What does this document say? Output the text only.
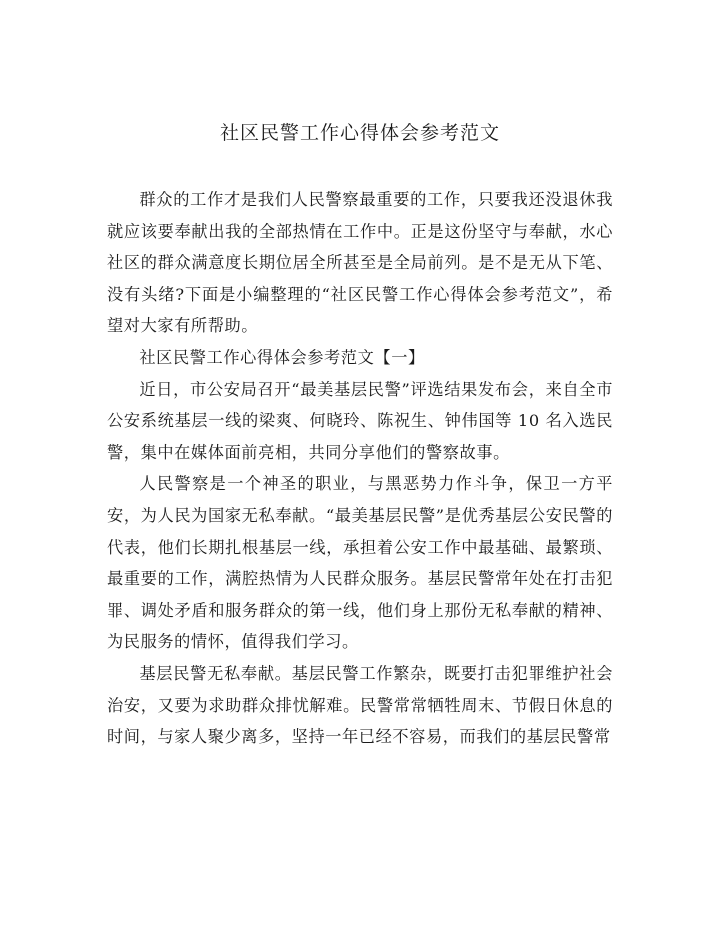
社区民警工作心得体会参考范文

群众的工作才是我们人民警察最重要的工作，只要我还没退休我就应该要奉献出我的全部热情在工作中。正是这份坚守与奉献，水心社区的群众满意度长期位居全所甚至是全局前列。是不是无从下笔、没有头绪?下面是小编整理的“社区民警工作心得体会参考范文”，希望对大家有所帮助。

社区民警工作心得体会参考范文【一】

近日，市公安局召开“最美基层民警”评选结果发布会，来自全市公安系统基层一线的梁爽、何晓玲、陈祝生、钟伟国等 10 名入选民警，集中在媒体面前亮相，共同分享他们的警察故事。

人民警察是一个神圣的职业，与黑恶势力作斗争，保卫一方平安，为人民为国家无私奉献。“最美基层民警”是优秀基层公安民警的代表，他们长期扎根基层一线，承担着公安工作中最基础、最繁琐、最重要的工作，满腔热情为人民群众服务。基层民警常年处在打击犯罪、调处矛盾和服务群众的第一线，他们身上那份无私奉献的精神、为民服务的情怀，值得我们学习。

基层民警无私奉献。基层民警工作繁杂，既要打击犯罪维护社会治安，又要为求助群众排忧解难。民警常常牺牲周末、节假日休息的时间，与家人聚少离多，坚持一年已经不容易，而我们的基层民警常
